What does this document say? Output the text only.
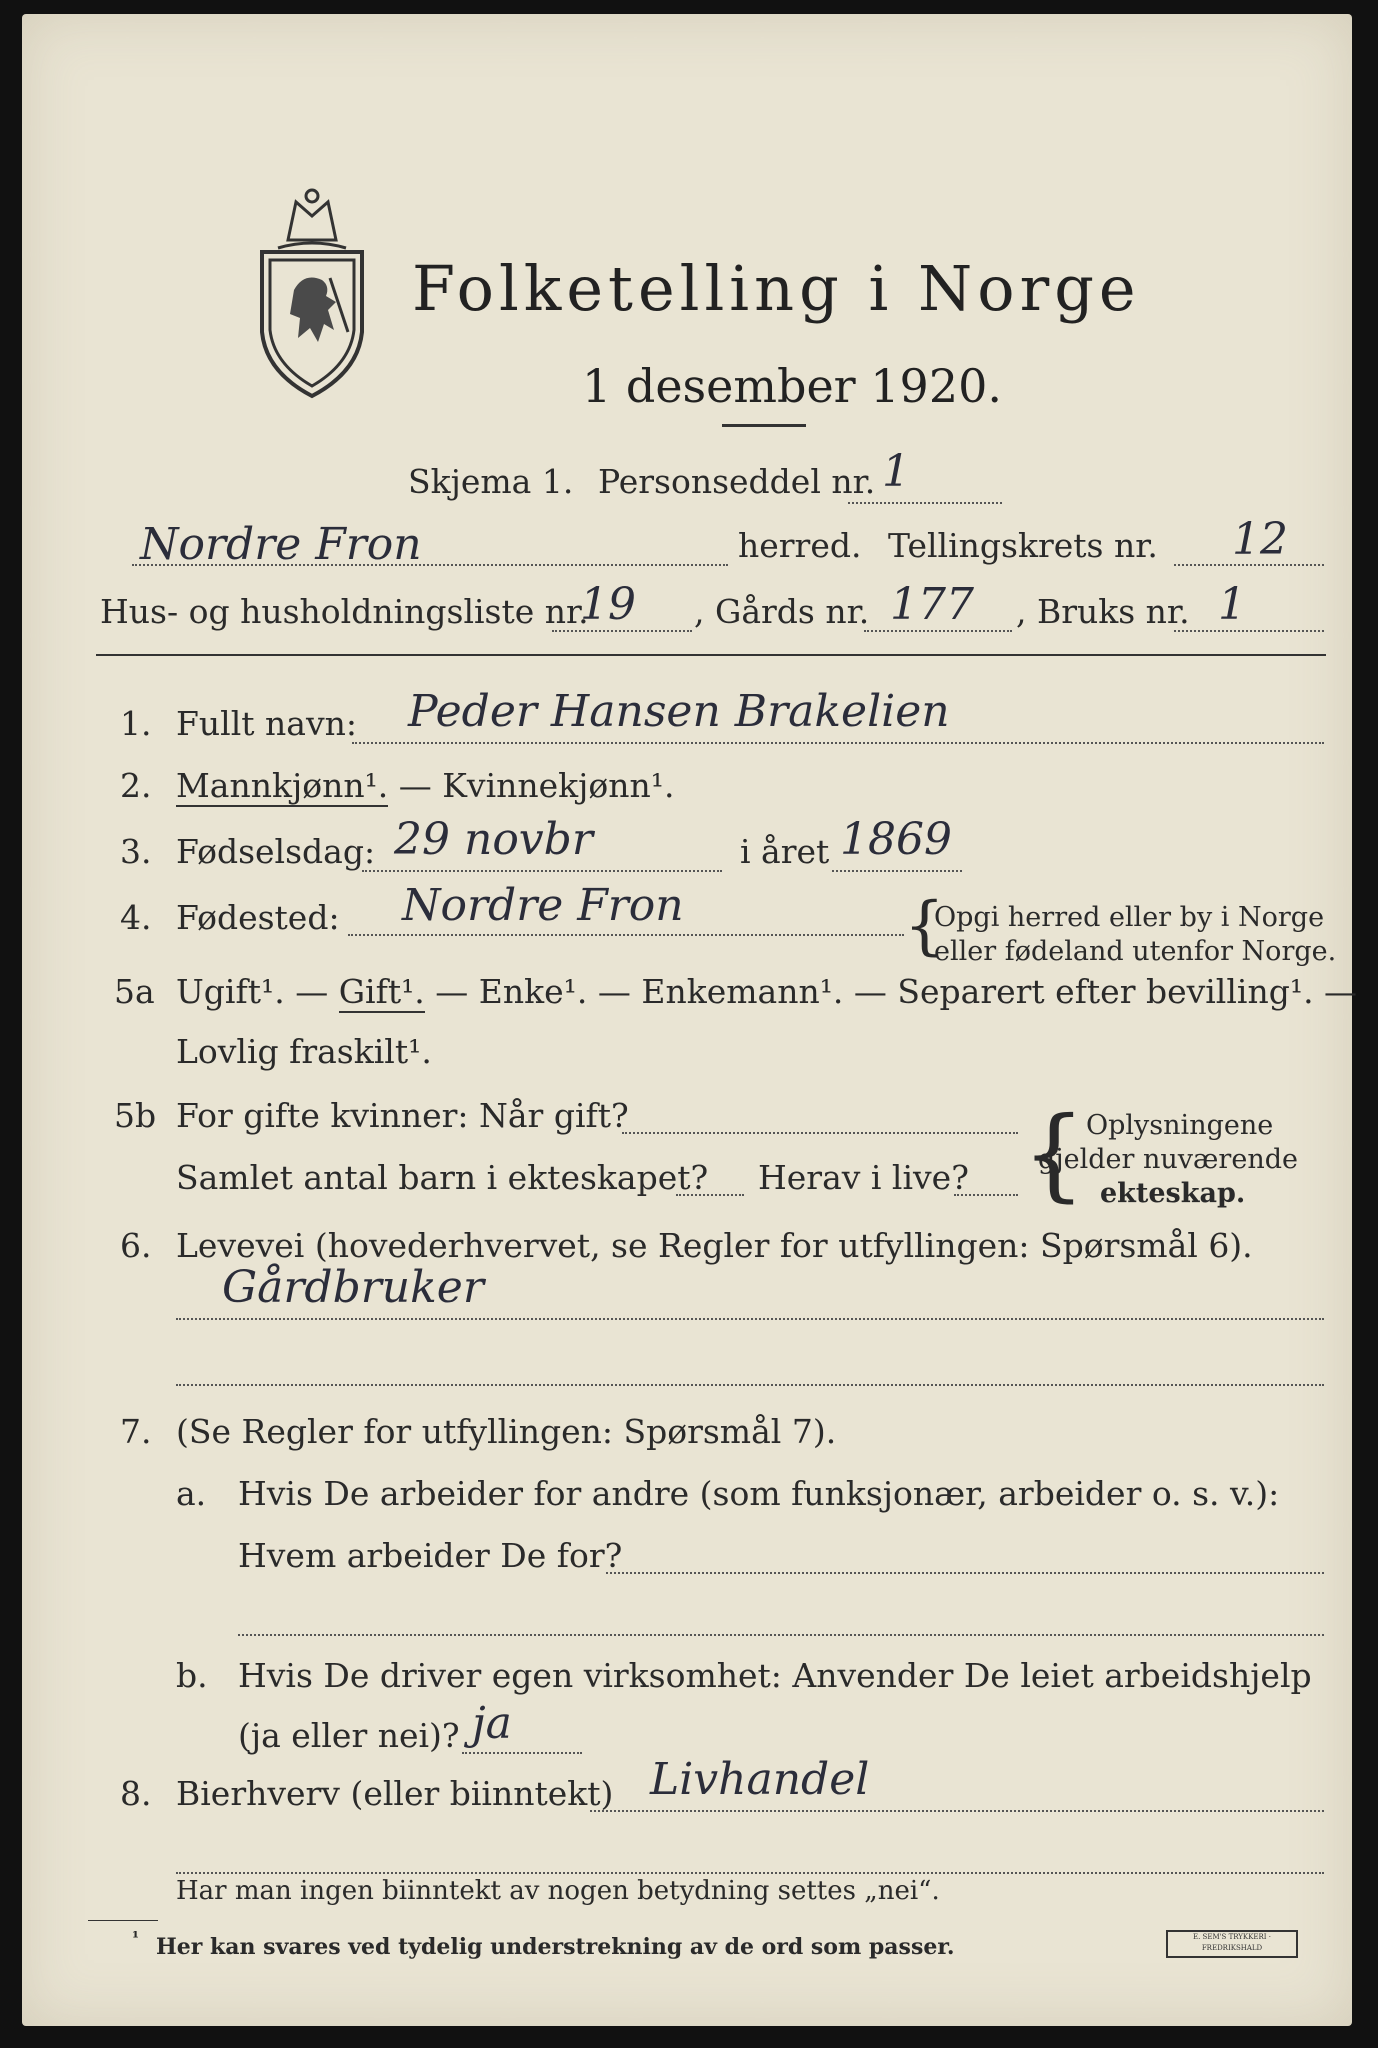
Folketelling i Norge
1 desember 1920.
Skjema 1. Personseddel nr. 1
Nordre Fron	herred. Tellingskrets nr. 12
Hus- og husholdningsliste nr.
19 , Gårds nr. 177 , Bruks nr. 1
1. Fullt navn: Peder Hansen Brakelien
2. Mannkjønn¹. — Kvinnekjønn¹.
3. Fødselsdag: 29 novbr	i året 1869
4. Fødested: Nordre Fron	{
Opgi herred eller by i Norge
eller fødeland utenfor Norge.
5a Ugift¹. — Gift¹. — Enke¹. — Enkemann¹. — Separert efter bevilling¹. —
Lovlig fraskilt¹.
5b For gifte kvinner: Når gift?
Samlet antal barn i ekteskapet? Herav i live? { Oplysningene
gjelder nuværende
ekteskap.
6. Levevei (hovederhvervet, se Regler for utfyllingen: Spørsmål 6).
Gårdbruker
7. (Se Regler for utfyllingen: Spørsmål 7).
a. Hvis De arbeider for andre (som funksjonær, arbeider o. s. v.):
Hvem arbeider De for?
b. Hvis De driver egen virksomhet: Anvender De leiet arbeidshjelp
(ja eller nei)? ja
8. Bierhverv (eller biinntekt) Livhandel
Har man ingen biinntekt av nogen betydning settes „nei“.
¹ Her kan svares ved tydelig understrekning av de ord som passer.	E. SEM'S TRYKKERI · FREDRIKSHALD
